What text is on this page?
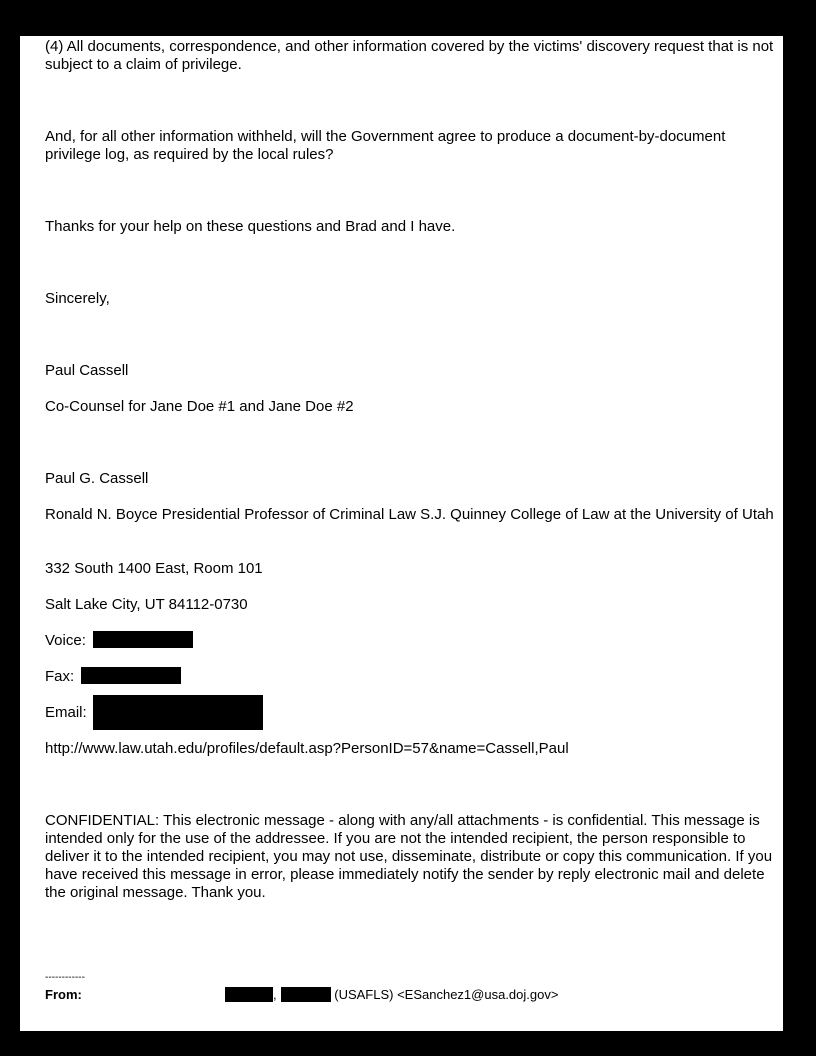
(4) All documents, correspondence, and other information covered by the victims' discovery request that is not subject to a claim of privilege.

And, for all other information withheld, will the Government agree to produce a document-by-document privilege log, as required by the local rules?

Thanks for your help on these questions and Brad and I have.

Sincerely,

Paul Cassell

Co-Counsel for Jane Doe #1 and Jane Doe #2

Paul G. Cassell

Ronald N. Boyce Presidential Professor of Criminal Law S.J. Quinney College of Law at the University of Utah

332 South 1400 East, Room 101

Salt Lake City, UT 84112-0730

Voice:

Fax:

Email:

http://www.law.utah.edu/profiles/default.asp?PersonID=57&name=Cassell,Paul

CONFIDENTIAL: This electronic message - along with any/all attachments - is confidential. This message is intended only for the use of the addressee. If you are not the intended recipient, the person responsible to deliver it to the intended recipient, you may not use, disseminate, distribute or copy this communication. If you have received this message in error, please immediately notify the sender by reply electronic mail and delete the original message. Thank you.

------------
From:	,	(USAFLS) <ESanchez1@usa.doj.gov>
